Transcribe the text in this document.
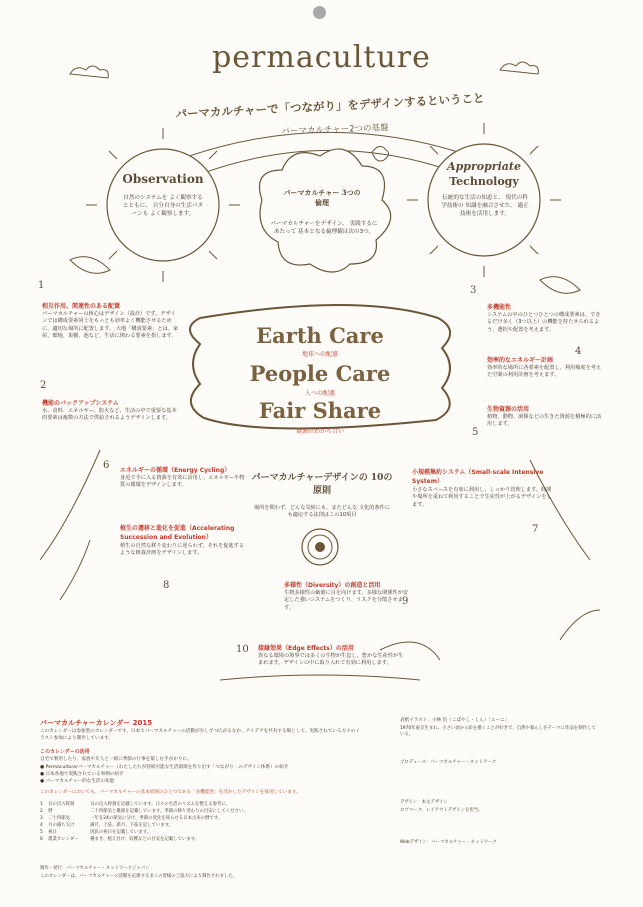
permaculture
パーマカルチャーで「つながり」をデザインするということ
パーマカルチャー2つの基盤
Observation
自然のシステムを よく観察するとともに、 自分自身の生活パターンも よく観察します。
Appropriate
Technology
伝統的な生活の知恵と、 現代の科学技術の 知識を融合させた、 適正技術を活用します。
パーマカルチャー 3つの倫理
パーマカルチャーをデザイン、 実践するにあたって 基本となる倫理観は次の3つ。
Earth Care
地球への配慮
People Care
人への配慮
Fair Share
資源のわかち合い
パーマカルチャーデザインの 10の原則
場所を問わず、どんな気候にも、またどんな 文化的条件にも適応する法則はこの10項目
1
2
3
4
5
6
7
8
9
10
相互作用、関連性のある配置
パーマカルチャーの核心はデザイン（設計）です。デザインでは構成要素同士をもっとも効率よく機能させるために、適切な場所に配置します。 大地「構成要素」とは、家屋、畑地、果樹、池など、生活に関わる要素を指します。
機能のバックアップシステム
水、食料、エネルギー、防火など、生活の中で重要な基本的要素は複数の方法で供給されるようデザインします。
多機能性
システムの中のひとつひとつの構成要素は、できるだけ多く（3つ以上）の機能を持たせられるよう、選択や配置を考えます。
効率的なエネルギー計画
効率的な場所に各要素を配置し、利用頻度を考えた空間の利用計画を考えます。
生物資源の活用
植物、動物、菌類などの生きた資源を積極的に活用します。
エネルギーの循環（Energy Cycling）
身近で手に入る資源を有効に活用し、エネルギーや物質の循環をデザインします。
小規模集約システム（Small-scale Intensive System）
小さなスペースを有効に利用し、しっかり管理します。時間や場所を重ねて利用することで生産性が上がるデザインをします。
植生の遷移と進化を促進（Accelerating Succession and Evolution）
植生の自然な移り変わりに逆らわず、それを促進するような植栽計画をデザインします。
多様性（Diversity）の創造と活用
生物多様性の価値に目を向けます。多様な関係性が安定した強いシステムをつくり、リスクを分散させます。
接縁効果（Edge Effects）の活用
異なる環境の境界では多くの生物が生息し、豊かな生産性が生まれます。デザインの中に取り入れて有効に利用します。
パーマカルチャーカレンダー 2015
このカレンダーは参加型のカレンダーです。日本でパーマカルチャーの活動が少しずつ広がるなか、アイデアを共有する場として、実践されている方々のイラスト参加により制作しています。
このカレンダーの活用
自宅で利用したり、家族や友人と一緒に季節の行事を楽しむ手がかりに。
● Permaculture/パーマカルチャー（わたしたちが持続可能な生活環境を作り出す「つながり」のデザイン体系）の紹介
● 日本各地で実践されている事例の紹介
● パーマカルチャー的な生活の知恵
このカレンダーにおいても、パーマカルチャーの基本原則のひとつである「多機能性」を活かしたデザインを採用しています。
1	日の出入時刻	日の出入時刻を記載しています。日々の生活のリズムを整える参考に。
2	暦	二十四節気と雑節を記載しています。季節の移り変わりの目安にしてください。
3	二十四節気	一年を24の節気に分け、季節の変化を知らせる日本古来の暦です。
4	月の満ち欠け	満月、上弦、新月、下弦を記しています。
5	祝日	国民の祝日を記載しています。
6	農業カレンダー	種まき、植え付け、収穫などの目安を記載しています。
制作・発行：パーマカルチャー・ネットワークジャパン
このカレンダーは、パーマカルチャーの活動を応援する多くの皆様のご協力により制作されました。
表紙イラスト：小林 信（こばやし・しん）「ユーニ」
1970年東京生まれ。小さい頃から絵を描くことが好きで、自然や暮らしをテーマに作品を制作している。
プロデュース：パーマカルチャー・ネットワーク
デザイン：本文デザイン
ロゴマーク、レイアウトデザインを担当。
Webデザイン：パーマカルチャー・ネットワーク
